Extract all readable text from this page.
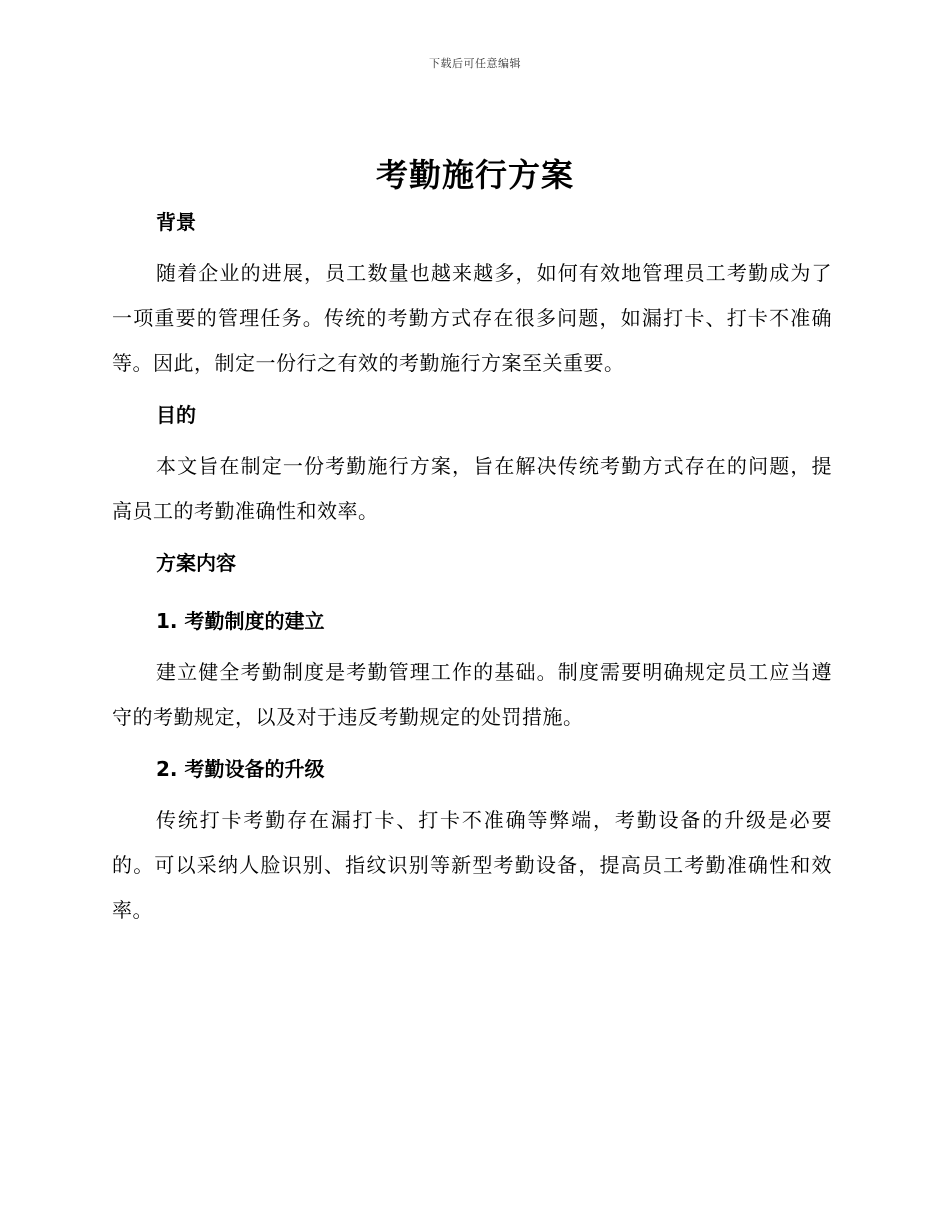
下载后可任意编辑
考勤施行方案
背景

随着企业的进展，员工数量也越来越多，如何有效地管理员工考勤成为了一项重要的管理任务。传统的考勤方式存在很多问题，如漏打卡、打卡不准确等。因此，制定一份行之有效的考勤施行方案至关重要。

目的

本文旨在制定一份考勤施行方案，旨在解决传统考勤方式存在的问题，提高员工的考勤准确性和效率。

方案内容
1. 考勤制度的建立

建立健全考勤制度是考勤管理工作的基础。制度需要明确规定员工应当遵守的考勤规定，以及对于违反考勤规定的处罚措施。

2. 考勤设备的升级

传统打卡考勤存在漏打卡、打卡不准确等弊端，考勤设备的升级是必要的。可以采纳人脸识别、指纹识别等新型考勤设备，提高员工考勤准确性和效率。
